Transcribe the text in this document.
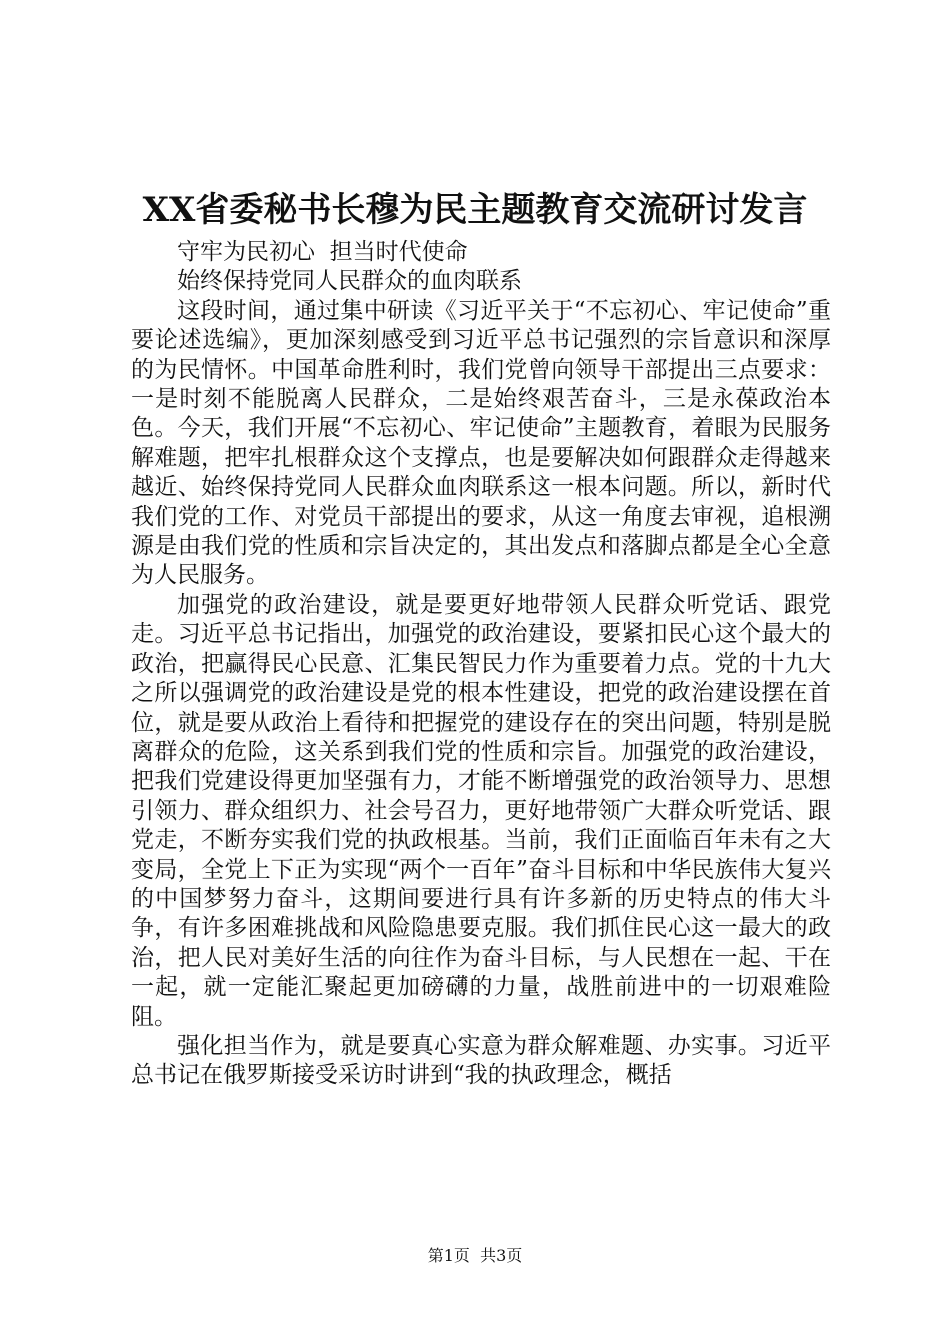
XX省委秘书长穆为民主题教育交流研讨发言

守牢为民初心  担当时代使命

始终保持党同人民群众的血肉联系

这段时间，通过集中研读《习近平关于“不忘初心、牢记使命”重要论述选编》，更加深刻感受到习近平总书记强烈的宗旨意识和深厚的为民情怀。中国革命胜利时，我们党曾向领导干部提出三点要求：一是时刻不能脱离人民群众，二是始终艰苦奋斗，三是永葆政治本色。今天，我们开展“不忘初心、牢记使命”主题教育，着眼为民服务解难题，把牢扎根群众这个支撑点，也是要解决如何跟群众走得越来越近、始终保持党同人民群众血肉联系这一根本问题。所以，新时代我们党的工作、对党员干部提出的要求，从这一角度去审视，追根溯源是由我们党的性质和宗旨决定的，其出发点和落脚点都是全心全意为人民服务。

加强党的政治建设，就是要更好地带领人民群众听党话、跟党走。习近平总书记指出，加强党的政治建设，要紧扣民心这个最大的政治，把赢得民心民意、汇集民智民力作为重要着力点。党的十九大之所以强调党的政治建设是党的根本性建设，把党的政治建设摆在首位，就是要从政治上看待和把握党的建设存在的突出问题，特别是脱离群众的危险，这关系到我们党的性质和宗旨。加强党的政治建设，把我们党建设得更加坚强有力，才能不断增强党的政治领导力、思想引领力、群众组织力、社会号召力，更好地带领广大群众听党话、跟党走，不断夯实我们党的执政根基。当前，我们正面临百年未有之大变局，全党上下正为实现“两个一百年”奋斗目标和中华民族伟大复兴的中国梦努力奋斗，这期间要进行具有许多新的历史特点的伟大斗争，有许多困难挑战和风险隐患要克服。我们抓住民心这一最大的政治，把人民对美好生活的向往作为奋斗目标，与人民想在一起、干在一起，就一定能汇聚起更加磅礴的力量，战胜前进中的一切艰难险阻。

强化担当作为，就是要真心实意为群众解难题、办实事。习近平总书记在俄罗斯接受采访时讲到“我的执政理念，概括

第1页  共3页
